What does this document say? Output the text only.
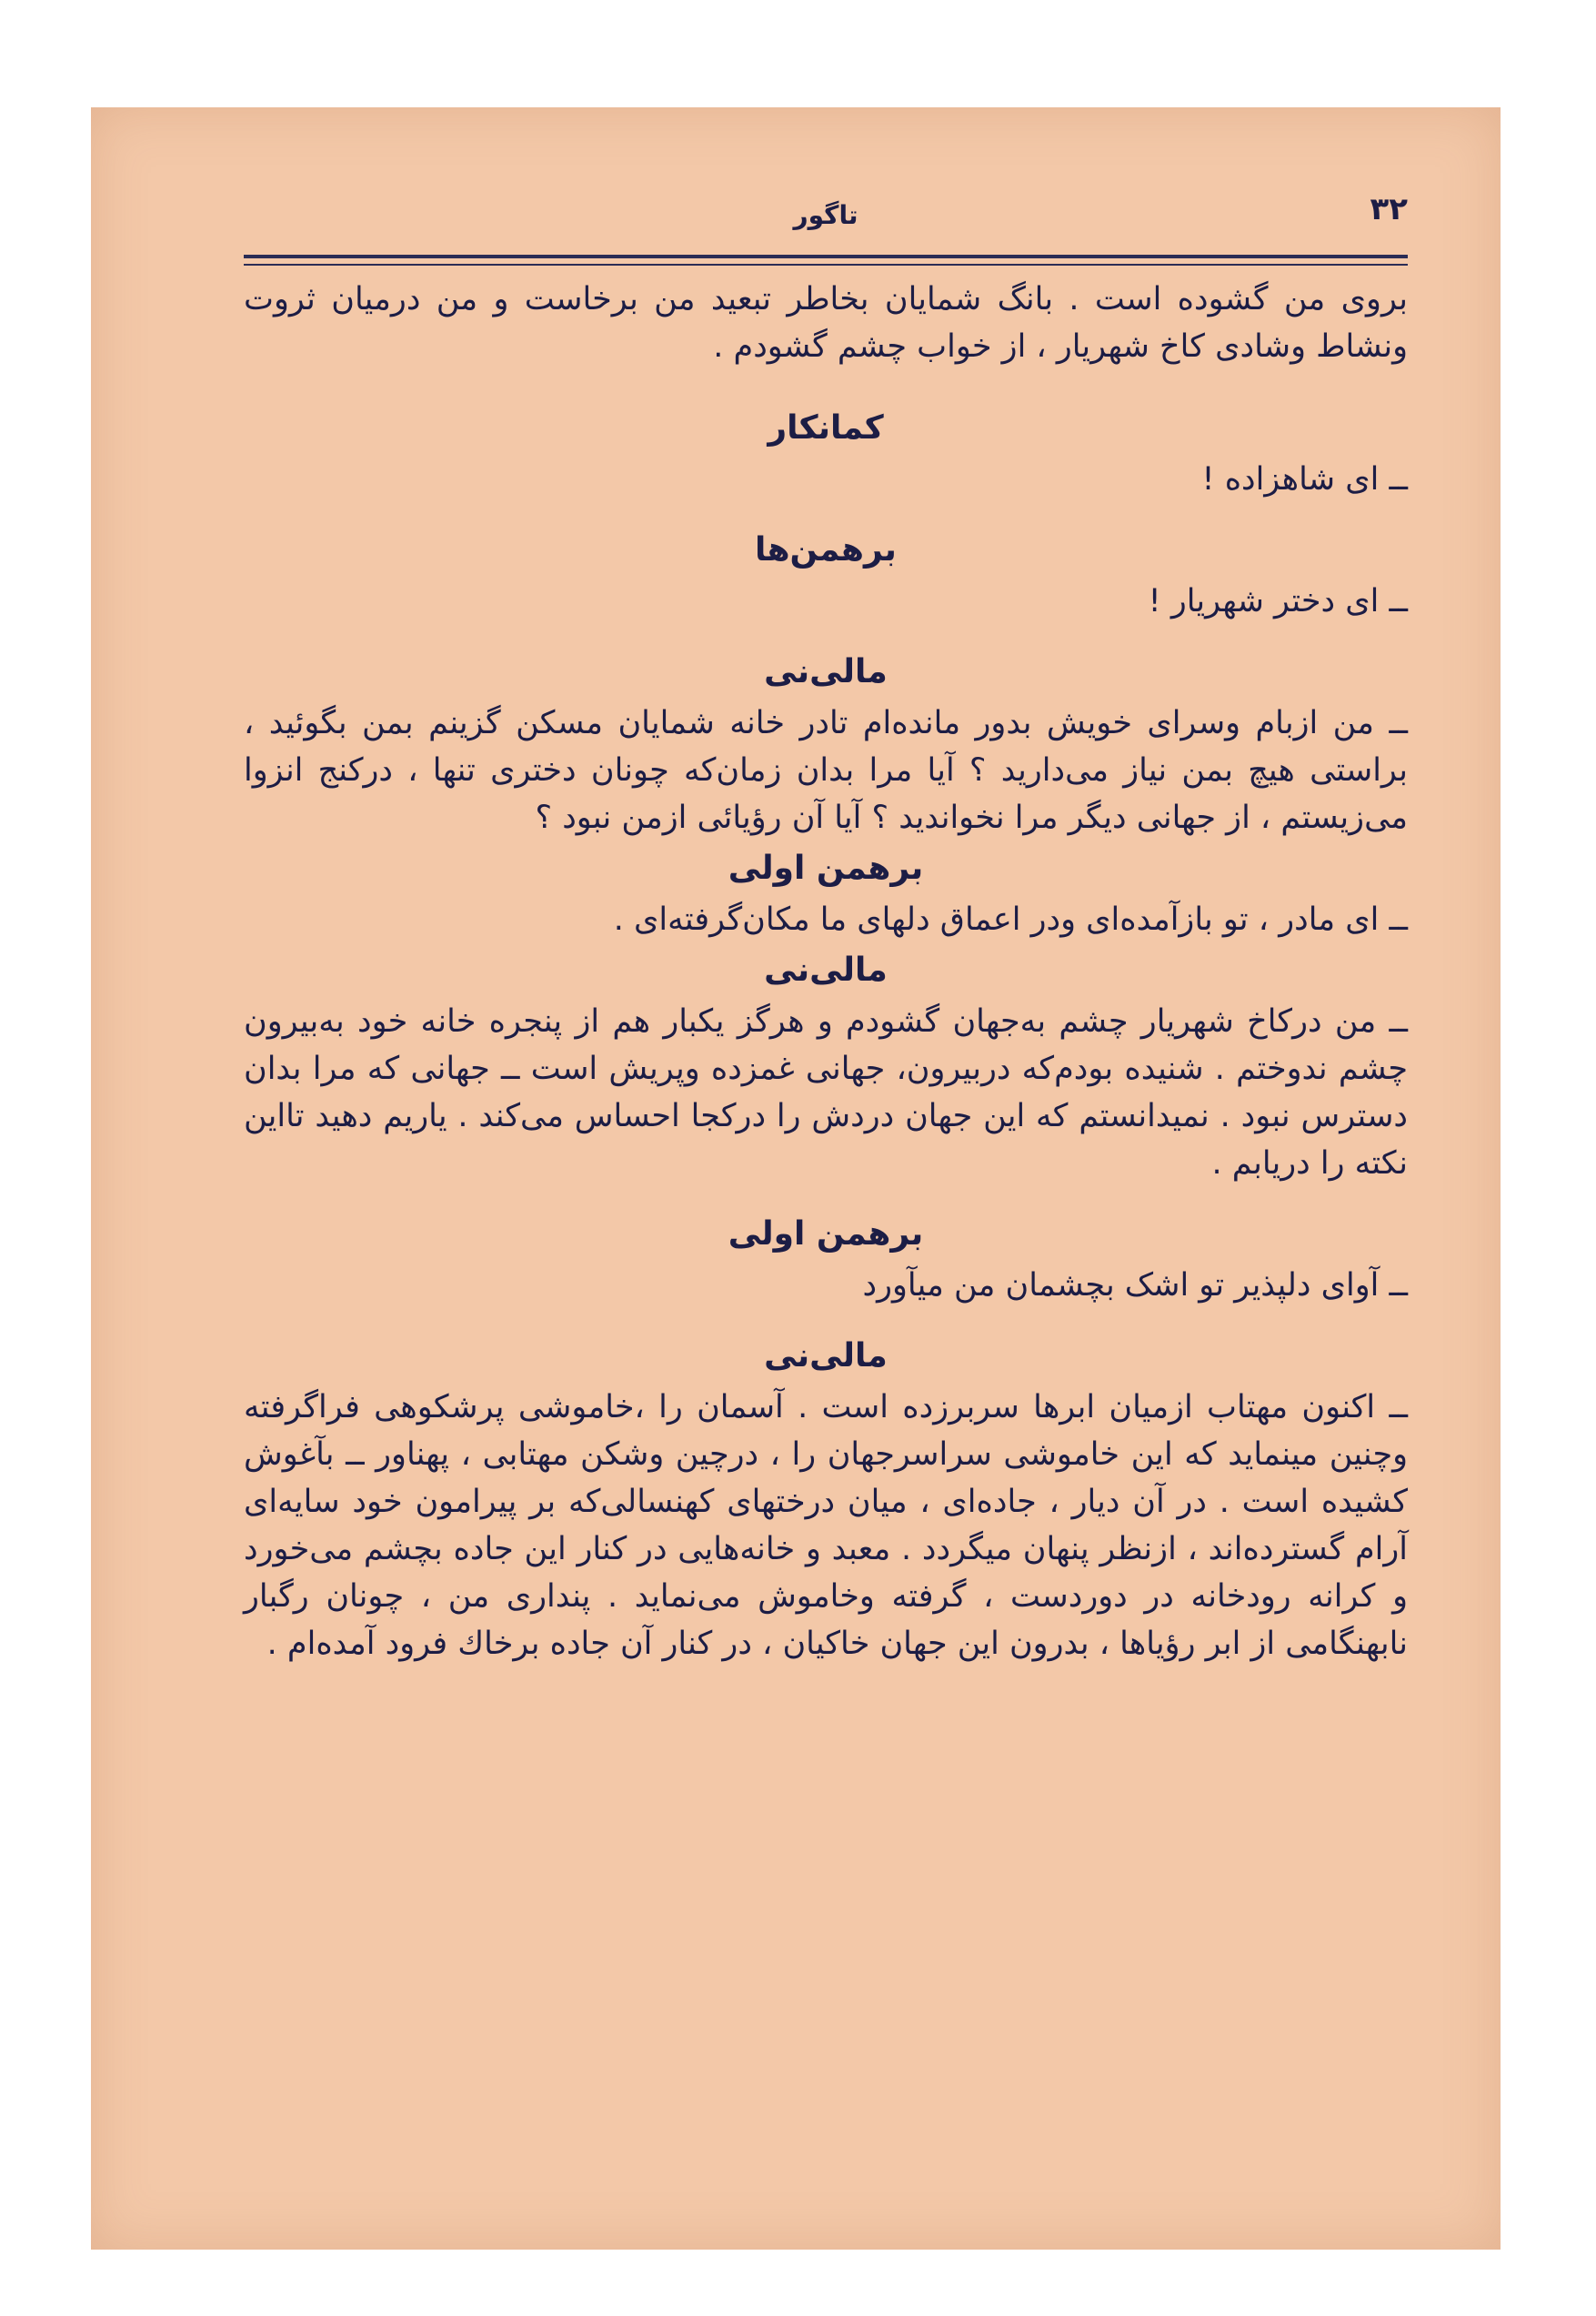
۳۲
تاگور

بروی من گشوده است . بانگ شمایان بخاطر تبعید من برخاست و من درمیان ثروت ونشاط وشادی کاخ شهریار ، از خواب چشم گشودم .

کمانکار

ــ ای شاهزاده !

برهمن‌ها

ــ ای دختر شهریار !

مالی‌نی

ــ من ازبام وسرای خویش بدور مانده‌ام تادر خانه شمایان مسکن گزینم بمن بگوئید ، براستی هیچ بمن نیاز می‌دارید ؟ آیا مرا بدان زمان‌که چونان دختری تنها ، درکنج انزوا می‌زیستم ، از جهانی دیگر مرا نخواندید ؟ آیا آن رؤیائی ازمن نبود ؟

برهمن اولی

ــ ای مادر ، تو بازآمده‌ای ودر اعماق دلهای ما مکان‌گرفته‌ای .

مالی‌نی

ــ من درکاخ شهریار چشم به‌جهان گشودم و هرگز یکبار هم از پنجره خانه خود به‌بیرون چشم ندوختم . شنیده بودم‌که دربیرون، جهانی غمزده وپریش است ــ جهانی که مرا بدان دسترس نبود . نمیدانستم که این جهان دردش را درکجا احساس می‌کند . یاریم دهید تااین نکته را دریابم .

برهمن اولی

ــ آوای دلپذیر تو اشک بچشمان من میآورد

مالی‌نی

ــ اکنون مهتاب ازمیان ابرها سربرزده است . آسمان را ،خاموشی پرشکوهی فراگرفته وچنین مینماید که این خاموشی سراسرجهان را ، درچین وشکن مهتابی ، پهناور ــ بآغوش کشیده است . در آن دیار ، جاده‌ای ، میان درختهای کهنسالی‌که بر پیرامون خود سایه‌ای آرام گسترده‌اند ، ازنظر پنهان میگردد . معبد و خانه‌هایی در کنار این جاده بچشم می‌خورد و کرانه رودخانه در دوردست ، گرفته وخاموش می‌نماید . پنداری من ، چونان رگبار نابهنگامی از ابر رؤیاها ، بدرون این جهان خاکیان ، در کنار آن جاده برخاك فرود آمده‌ام .
